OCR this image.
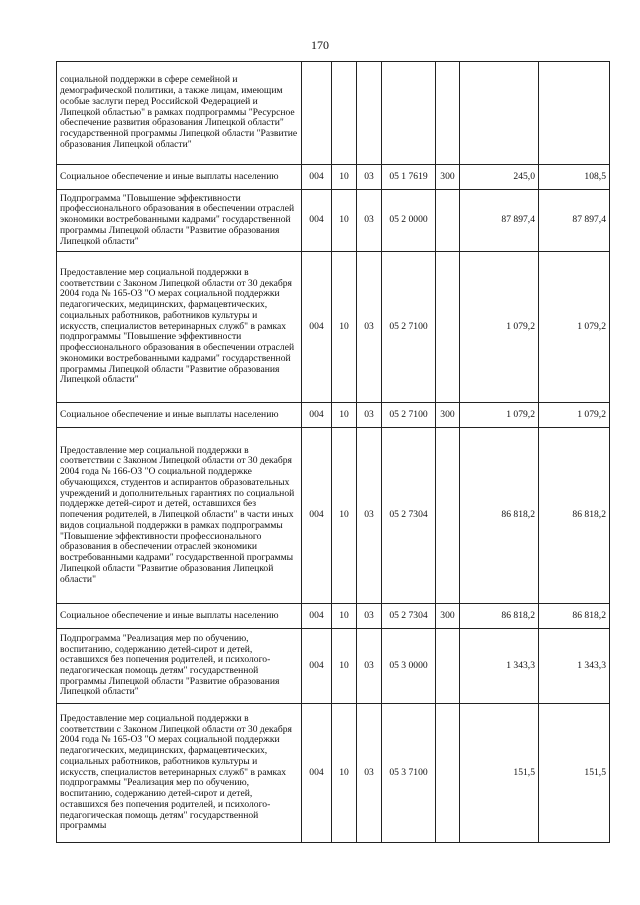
170
социальной поддержки в сфере семейной и демографической политики, а также лицам, имеющим особые заслуги перед Российской Федерацией и Липецкой областью" в рамках подпрограммы "Ресурсное обеспечение развития образования Липецкой области" государственной программы Липецкой области "Развитие образования Липецкой области"							
Социальное обеспечение и иные выплаты населению	004	10	03	05 1 7619	300	245,0	108,5
Подпрограмма "Повышение эффективности профессионального образования в обеспечении отраслей экономики востребованными кадрами" государственной программы Липецкой области "Развитие образования Липецкой области"	004	10	03	05 2 0000		87 897,4	87 897,4
Предоставление мер социальной поддержки в соответствии с Законом Липецкой области от 30 декабря 2004 года № 165-ОЗ "О мерах социальной поддержки педагогических, медицинских, фармацевтических, социальных работников, работников культуры и искусств, специалистов ветеринарных служб" в рамках подпрограммы "Повышение эффективности профессионального образования в обеспечении отраслей экономики востребованными кадрами" государственной программы Липецкой области "Развитие образования Липецкой области"	004	10	03	05 2 7100		1 079,2	1 079,2
Социальное обеспечение и иные выплаты населению	004	10	03	05 2 7100	300	1 079,2	1 079,2
Предоставление мер социальной поддержки в соответствии с Законом Липецкой области от 30 декабря 2004 года № 166-ОЗ "О социальной поддержке обучающихся, студентов и аспирантов образовательных учреждений и дополнительных гарантиях по социальной поддержке детей-сирот и детей, оставшихся без попечения родителей, в Липецкой области" в части иных видов социальной поддержки в рамках подпрограммы "Повышение эффективности профессионального образования в обеспечении отраслей экономики востребованными кадрами" государственной программы Липецкой области "Развитие образования Липецкой области"	004	10	03	05 2 7304		86 818,2	86 818,2
Социальное обеспечение и иные выплаты населению	004	10	03	05 2 7304	300	86 818,2	86 818,2
Подпрограмма "Реализация мер по обучению, воспитанию, содержанию детей-сирот и детей, оставшихся без попечения родителей, и психолого-педагогическая помощь детям" государственной программы Липецкой области "Развитие образования Липецкой области"	004	10	03	05 3 0000		1 343,3	1 343,3
Предоставление мер социальной поддержки в соответствии с Законом Липецкой области от 30 декабря 2004 года № 165-ОЗ "О мерах социальной поддержки педагогических, медицинских, фармацевтических, социальных работников, работников культуры и искусств, специалистов ветеринарных служб" в рамках подпрограммы "Реализация мер по обучению, воспитанию, содержанию детей-сирот и детей, оставшихся без попечения родителей, и психолого-педагогическая помощь детям" государственной программы	004	10	03	05 3 7100		151,5	151,5
